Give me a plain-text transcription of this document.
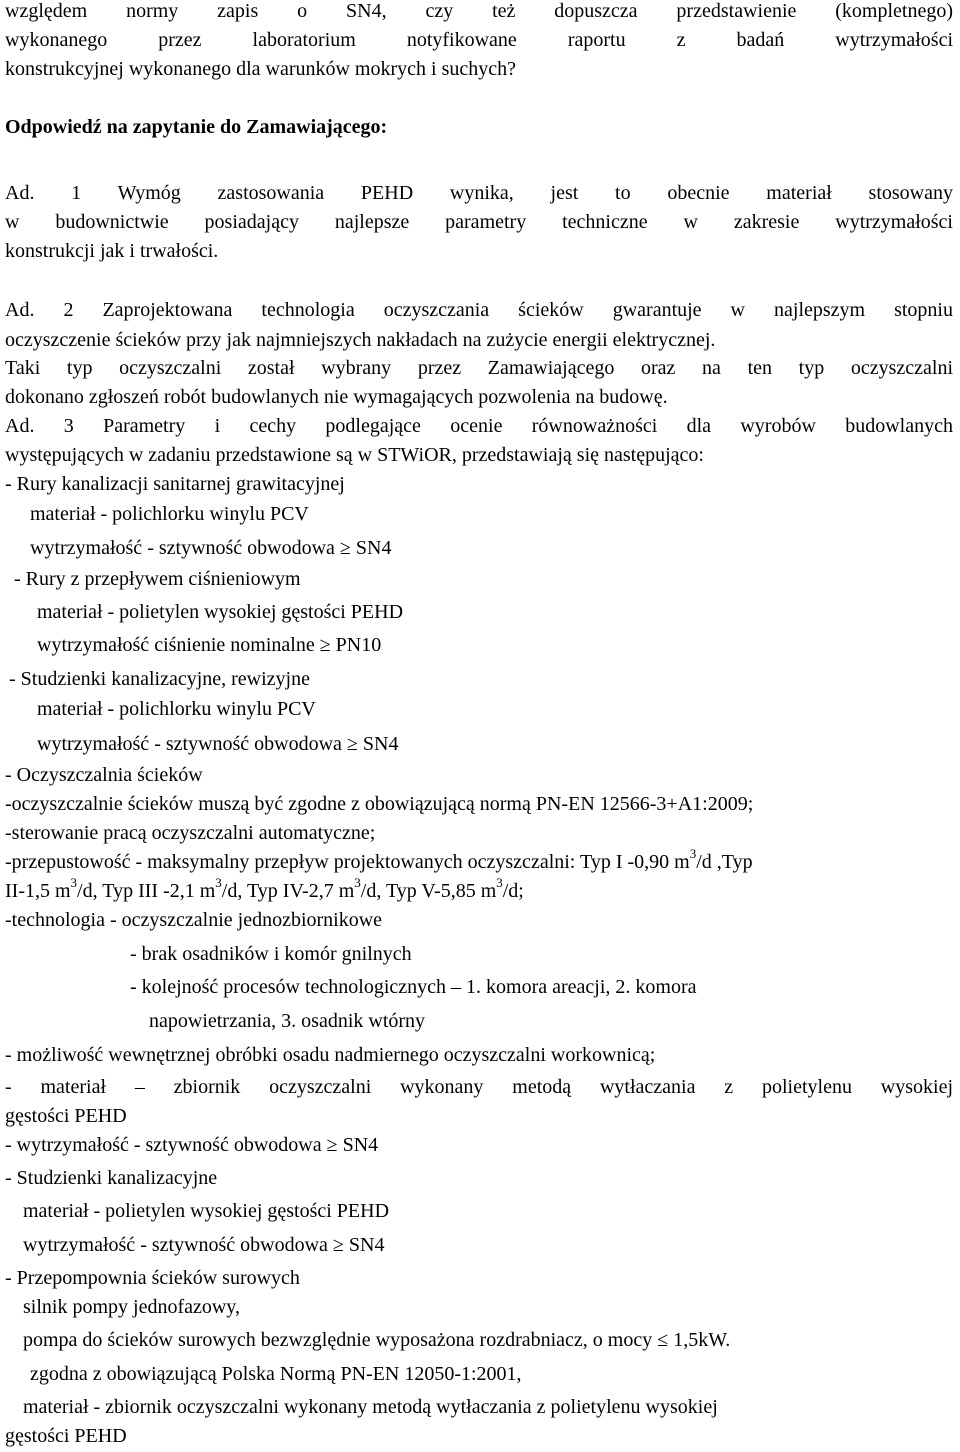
względem normy zapis o SN4, czy też dopuszcza przedstawienie (kompletnego)
wykonanego przez laboratorium notyfikowane raportu z badań wytrzymałości
konstrukcyjnej wykonanego dla warunków mokrych i suchych?
Odpowiedź na zapytanie do Zamawiającego:
Ad. 1 Wymóg zastosowania PEHD wynika, jest to obecnie materiał stosowany
w budownictwie posiadający najlepsze parametry techniczne w zakresie wytrzymałości
konstrukcji jak i trwałości.
Ad. 2 Zaprojektowana technologia oczyszczania ścieków gwarantuje w najlepszym stopniu
oczyszczenie ścieków przy jak najmniejszych nakładach na zużycie energii elektrycznej.
Taki typ oczyszczalni został wybrany przez Zamawiającego oraz na ten typ oczyszczalni
dokonano zgłoszeń robót budowlanych nie wymagających pozwolenia na budowę.
Ad. 3 Parametry i cechy podlegające ocenie równoważności dla wyrobów budowlanych
występujących w zadaniu przedstawione są w STWiOR, przedstawiają się następująco:
- Rury kanalizacji sanitarnej grawitacyjnej
materiał - polichlorku winylu PCV
wytrzymałość - sztywność obwodowa ≥ SN4
- Rury z przepływem ciśnieniowym
materiał - polietylen wysokiej gęstości PEHD
wytrzymałość ciśnienie nominalne ≥ PN10
- Studzienki kanalizacyjne, rewizyjne
materiał - polichlorku winylu PCV
wytrzymałość - sztywność obwodowa ≥ SN4
- Oczyszczalnia ścieków
-oczyszczalnie ścieków muszą być zgodne z obowiązującą normą PN-EN 12566-3+A1:2009;
-sterowanie pracą oczyszczalni automatyczne;
-przepustowość - maksymalny przepływ projektowanych oczyszczalni: Typ I -0,90 $m^3/d$ ,Typ
II-1,5 $m^3/d$, Typ III -2,1 $m^3/d$, Typ IV-2,7 $m^3/d$, Typ V-5,85 $m^3/d$;
-technologia - oczyszczalnie jednozbiornikowe
- brak osadników i komór gnilnych
- kolejność procesów technologicznych – 1. komora areacji, 2. komora
napowietrzania, 3. osadnik wtórny
- możliwość wewnętrznej obróbki osadu nadmiernego oczyszczalni workownicą;
- materiał – zbiornik oczyszczalni wykonany metodą wytłaczania z polietylenu wysokiej
gęstości PEHD
- wytrzymałość - sztywność obwodowa ≥ SN4
- Studzienki kanalizacyjne
materiał - polietylen wysokiej gęstości PEHD
wytrzymałość - sztywność obwodowa ≥ SN4
- Przepompownia ścieków surowych
silnik pompy jednofazowy,
pompa do ścieków surowych bezwzględnie wyposażona rozdrabniacz, o mocy ≤ 1,5kW.
zgodna z obowiązującą Polska Normą PN-EN 12050-1:2001,
materiał - zbiornik oczyszczalni wykonany metodą wytłaczania z polietylenu wysokiej
gęstości PEHD
